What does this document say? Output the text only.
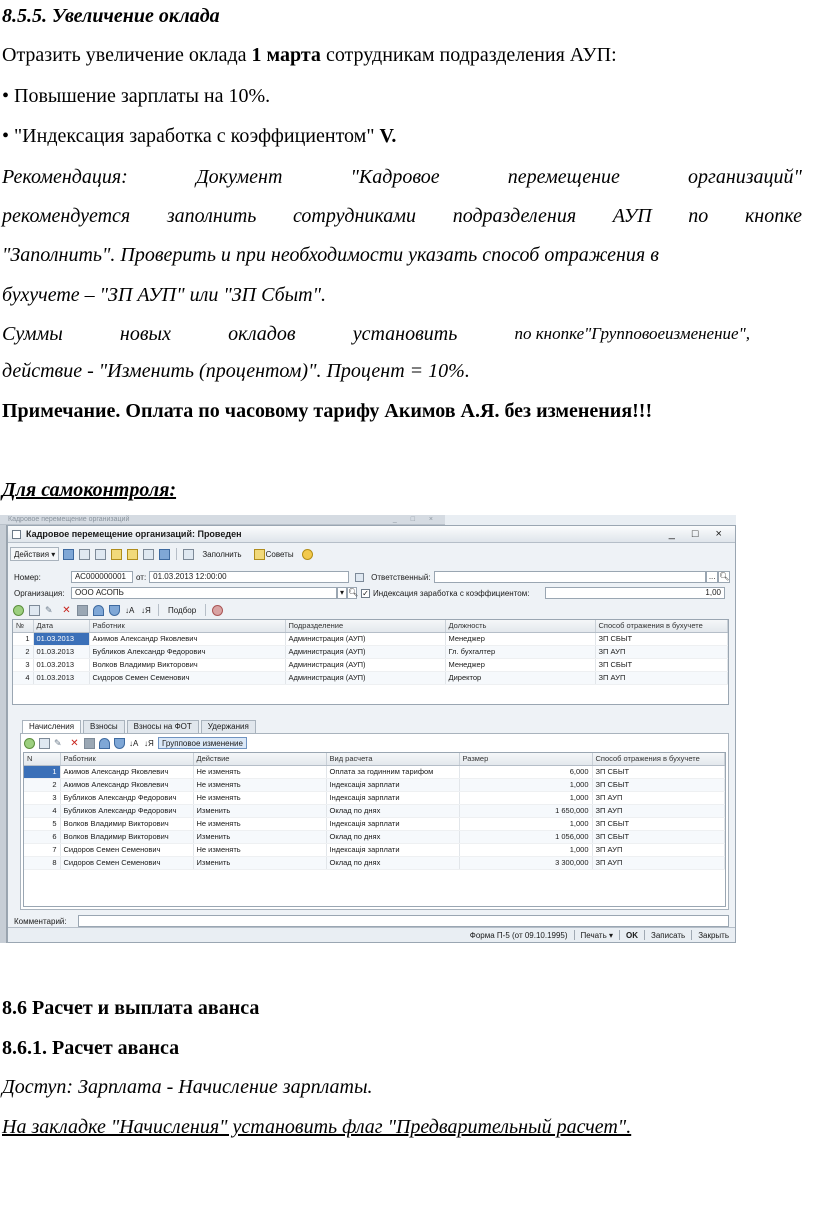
8.5.5. Увеличение оклада
Отразить увеличение оклада 1 марта сотрудникам подразделения АУП:
• Повышение зарплаты на 10%.
• "Индексация заработка с коэффициентом" V.
Рекомендация:	Документ	"Кадровое	перемещение	организаций"
рекомендуется заполнить сотрудниками подразделения АУП по кнопке
"Заполнить". Проверить и при необходимости указать способ отражения в
бухучете – "ЗП АУП" или "ЗП Сбыт".
Суммы	новых	окладов	установить	по кнопке"Групповоеизменение",
действие - "Изменить (процентом)". Процент = 10%.
Примечание. Оплата по часовому тарифу Акимов А.Я. без изменения!!!
Для самоконтроля:
Кадровое перемещение организаций	_ □ ×
Кадровое перемещение организаций: Проведен	_ □ ×
Действия ▾	Заполнить	Советы
Номер:	АС000000001	от: 01.03.2013 12:00:00	Ответственный:	... 🔍︎
Организация:	ООО АСОПЬ	▾ 🔍︎ ✓ Индексация заработка с коэффициентом:	1,00
✎ ✕	↓A ↓Я	Подбор
№	Дата	Работник	Подразделение	Должность	Способ отражения в бухучете
1	01.03.2013	Акимов Александр Яковлевич	Администрация (АУП)	Менеджер	ЗП СБЫТ
2	01.03.2013	Бубликов Александр Федорович	Администрация (АУП)	Гл. бухгалтер	ЗП АУП
3	01.03.2013	Волков Владимир Викторович	Администрация (АУП)	Менеджер	ЗП СБЫТ
4	01.03.2013	Сидоров Семен Семенович	Администрация (АУП)	Директор	ЗП АУП
Начисления	Взносы	Взносы на ФОТ	Удержания
✎ ✕	↓A ↓Я	Групповое изменение
N	Работник	Действие	Вид расчета	Размер	Способ отражения в бухучете
1	Акимов Александр Яковлевич	Не изменять	Оплата за годинним тарифом	6,000	ЗП СБЫТ
2	Акимов Александр Яковлевич	Не изменять	Індексація зарплати	1,000	ЗП СБЫТ
3	Бубликов Александр Федорович	Не изменять	Індексація зарплати	1,000	ЗП АУП
4	Бубликов Александр Федорович	Изменить	Оклад по днях	1 650,000	ЗП АУП
5	Волков Владимир Викторович	Не изменять	Індексація зарплати	1,000	ЗП СБЫТ
6	Волков Владимир Викторович	Изменить	Оклад по днях	1 056,000	ЗП СБЫТ
7	Сидоров Семен Семенович	Не изменять	Індексація зарплати	1,000	ЗП АУП
8	Сидоров Семен Семенович	Изменить	Оклад по днях	3 300,000	ЗП АУП
Комментарий:
Форма П-5 (от 09.10.1995) Печать ▾ OK Записать Закрыть
8.6 Расчет и выплата аванса
8.6.1. Расчет аванса
Доступ: Зарплата - Начисление зарплаты.
На закладке "Начисления" установить флаг "Предварительный расчет".
